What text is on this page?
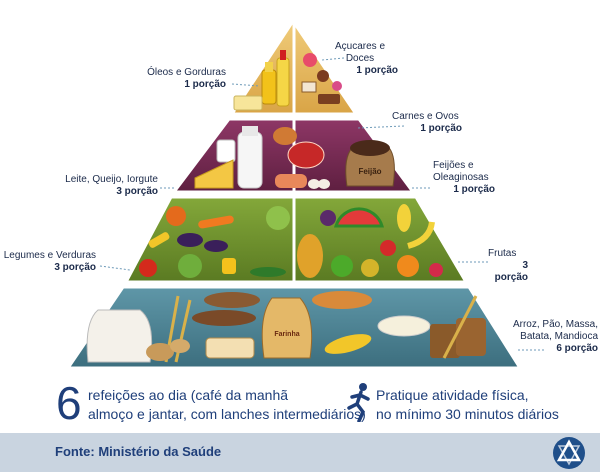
Feijão
Farinha
Açucares e Doces
1 porção
Óleos e Gorduras
1 porção
Carnes e Ovos
1 porção
Leite, Queijo, Iorgute
3 porção
Feijões e
Oleaginosas
1 porção
Legumes e Verduras
3 porção
Frutas
3 porção
Arroz, Pão, Massa,
Batata, Mandioca
6 porção
6 refeições ao dia (café da manhã
almoço e jantar, com lanches intermediários)
Pratique atividade física,
no mínimo 30 minutos diários
Fonte: Ministério da Saúde
